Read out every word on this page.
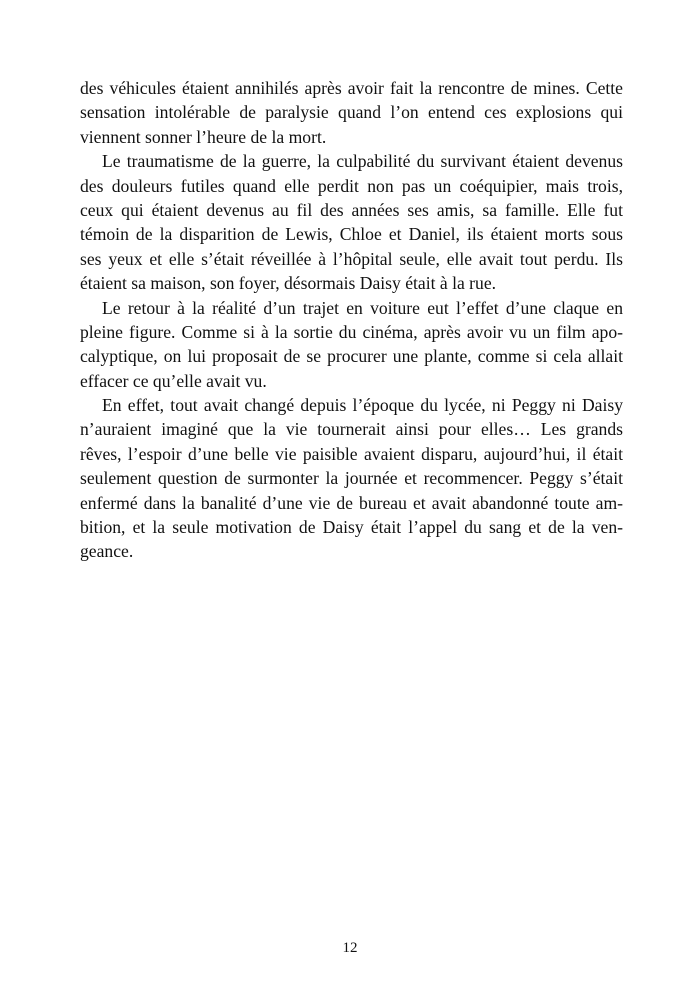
des véhicules étaient annihilés après avoir fait la rencontre de mines. Cette
sensation intolérable de paralysie quand l’on entend ces explosions qui
viennent sonner l’heure de la mort.
Le traumatisme de la guerre, la culpabilité du survivant étaient devenus
des douleurs futiles quand elle perdit non pas un coéquipier, mais trois,
ceux qui étaient devenus au fil des années ses amis, sa famille. Elle fut
témoin de la disparition de Lewis, Chloe et Daniel, ils étaient morts sous
ses yeux et elle s’était réveillée à l’hôpital seule, elle avait tout perdu. Ils
étaient sa maison, son foyer, désormais Daisy était à la rue.
Le retour à la réalité d’un trajet en voiture eut l’effet d’une claque en
pleine figure. Comme si à la sortie du cinéma, après avoir vu un film apo-
calyptique, on lui proposait de se procurer une plante, comme si cela allait
effacer ce qu’elle avait vu.
En effet, tout avait changé depuis l’époque du lycée, ni Peggy ni Daisy
n’auraient imaginé que la vie tournerait ainsi pour elles… Les grands
rêves, l’espoir d’une belle vie paisible avaient disparu, aujourd’hui, il était
seulement question de surmonter la journée et recommencer. Peggy s’était
enfermé dans la banalité d’une vie de bureau et avait abandonné toute am-
bition, et la seule motivation de Daisy était l’appel du sang et de la ven-
geance.
12
